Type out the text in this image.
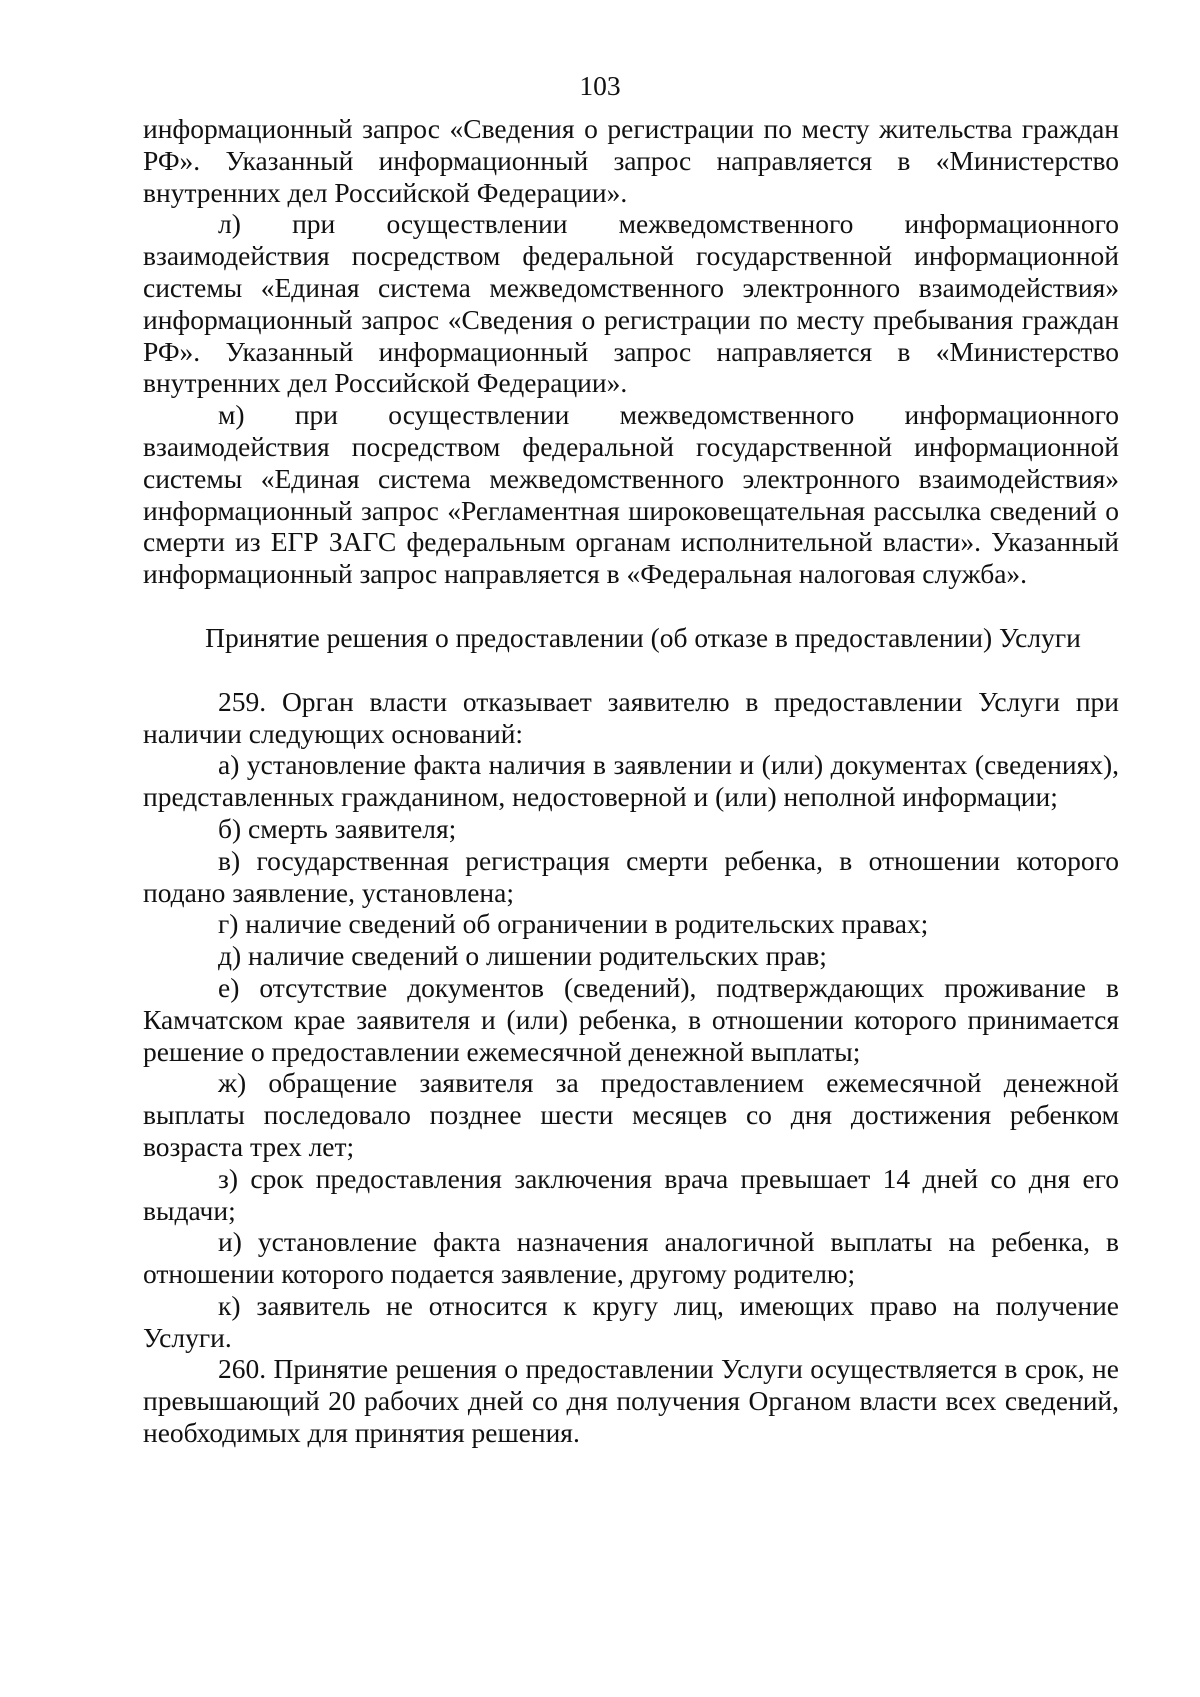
103

информационный запрос «Сведения о регистрации по месту жительства граждан РФ». Указанный информационный запрос направляется в «Министерство внутренних дел Российской Федерации».

л) при осуществлении межведомственного информационного взаимодействия посредством федеральной государственной информационной системы «Единая система межведомственного электронного взаимодействия» информационный запрос «Сведения о регистрации по месту пребывания граждан РФ». Указанный информационный запрос направляется в «Министерство внутренних дел Российской Федерации».

м) при осуществлении межведомственного информационного взаимодействия посредством федеральной государственной информационной системы «Единая система межведомственного электронного взаимодействия» информационный запрос «Регламентная широковещательная рассылка сведений о смерти из ЕГР ЗАГС федеральным органам исполнительной власти». Указанный информационный запрос направляется в «Федеральная налоговая служба».

Принятие решения о предоставлении (об отказе в предоставлении) Услуги

259. Орган власти отказывает заявителю в предоставлении Услуги при наличии следующих оснований:

а) установление факта наличия в заявлении и (или) документах (сведениях), представленных гражданином, недостоверной и (или) неполной информации;

б) смерть заявителя;

в) государственная регистрация смерти ребенка, в отношении которого подано заявление, установлена;

г) наличие сведений об ограничении в родительских правах;

д) наличие сведений о лишении родительских прав;

е) отсутствие документов (сведений), подтверждающих проживание в Камчатском крае заявителя и (или) ребенка, в отношении которого принимается решение о предоставлении ежемесячной денежной выплаты;

ж) обращение заявителя за предоставлением ежемесячной денежной выплаты последовало позднее шести месяцев со дня достижения ребенком возраста трех лет;

з) срок предоставления заключения врача превышает 14 дней со дня его выдачи;

и) установление факта назначения аналогичной выплаты на ребенка, в отношении которого подается заявление, другому родителю;

к) заявитель не относится к кругу лиц, имеющих право на получение Услуги.

260. Принятие решения о предоставлении Услуги осуществляется в срок, не превышающий 20 рабочих дней со дня получения Органом власти всех сведений, необходимых для принятия решения.
